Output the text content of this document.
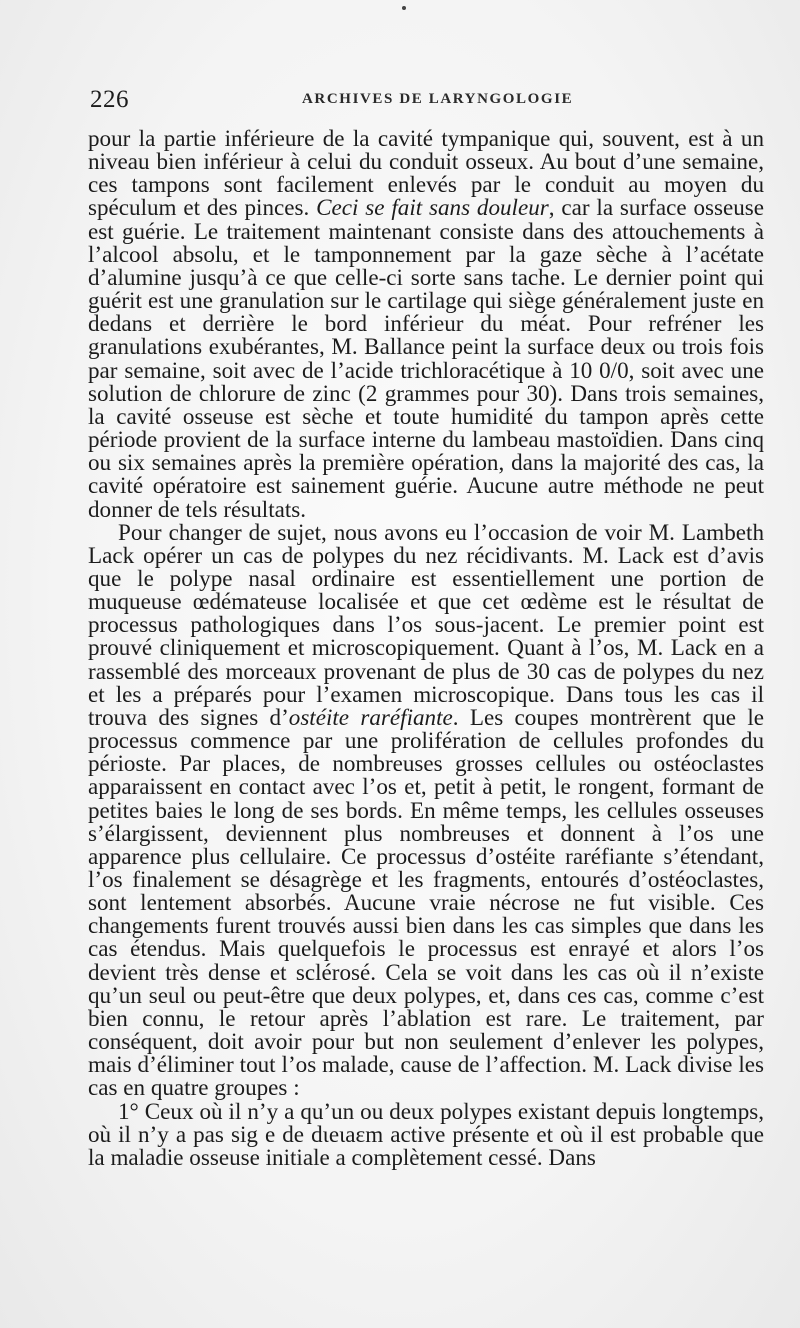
226	ARCHIVES DE LARYNGOLOGIE

pour la partie inférieure de la cavité tympanique qui, souvent, est à un niveau bien inférieur à celui du conduit osseux. Au bout d’une semaine, ces tampons sont facilement enlevés par le conduit au moyen du spéculum et des pinces. Ceci se fait sans douleur, car la surface osseuse est guérie. Le traitement maintenant consiste dans des attouchements à l’alcool absolu, et le tamponnement par la gaze sèche à l’acétate d’alumine jusqu’à ce que celle-ci sorte sans tache. Le dernier point qui guérit est une granulation sur le cartilage qui siège généralement juste en dedans et derrière le bord inférieur du méat. Pour refréner les granulations exubérantes, M. Ballance peint la surface deux ou trois fois par semaine, soit avec de l’acide trichloracétique à 10 0/0, soit avec une solution de chlorure de zinc (2 grammes pour 30). Dans trois semaines, la cavité osseuse est sèche et toute humidité du tampon après cette période provient de la surface interne du lambeau mastoïdien. Dans cinq ou six semaines après la première opération, dans la majorité des cas, la cavité opératoire est sainement guérie. Aucune autre méthode ne peut donner de tels résultats.

Pour changer de sujet, nous avons eu l’occasion de voir M. Lambeth Lack opérer un cas de polypes du nez récidivants. M. Lack est d’avis que le polype nasal ordinaire est essentiellement une portion de muqueuse œdémateuse localisée et que cet œdème est le résultat de processus pathologiques dans l’os sous-jacent. Le premier point est prouvé cliniquement et microscopiquement. Quant à l’os, M. Lack en a rassemblé des morceaux provenant de plus de 30 cas de polypes du nez et les a préparés pour l’examen microscopique. Dans tous les cas il trouva des signes d’ostéite raréfiante. Les coupes montrèrent que le processus commence par une prolifération de cellules profondes du périoste. Par places, de nombreuses grosses cellules ou ostéoclastes apparaissent en contact avec l’os et, petit à petit, le rongent, formant de petites baies le long de ses bords. En même temps, les cellules osseuses s’élargissent, deviennent plus nombreuses et donnent à l’os une apparence plus cellulaire. Ce processus d’ostéite raréfiante s’étendant, l’os finalement se désagrège et les fragments, entourés d’ostéoclastes, sont lentement absorbés. Aucune vraie nécrose ne fut visible. Ces changements furent trouvés aussi bien dans les cas simples que dans les cas étendus. Mais quelquefois le processus est enrayé et alors l’os devient très dense et sclérosé. Cela se voit dans les cas où il n’existe qu’un seul ou peut-être que deux polypes, et, dans ces cas, comme c’est bien connu, le retour après l’ablation est rare. Le traitement, par conséquent, doit avoir pour but non seulement d’enlever les polypes, mais d’éliminer tout l’os malade, cause de l’affection. M. Lack divise les cas en quatre groupes :

1° Ceux où il n’y a qu’un ou deux polypes existant depuis longtemps, où il n’y a pas sig e de dιeιaεm active présente et où il est probable que la maladie osseuse initiale a complètement cessé. Dans
